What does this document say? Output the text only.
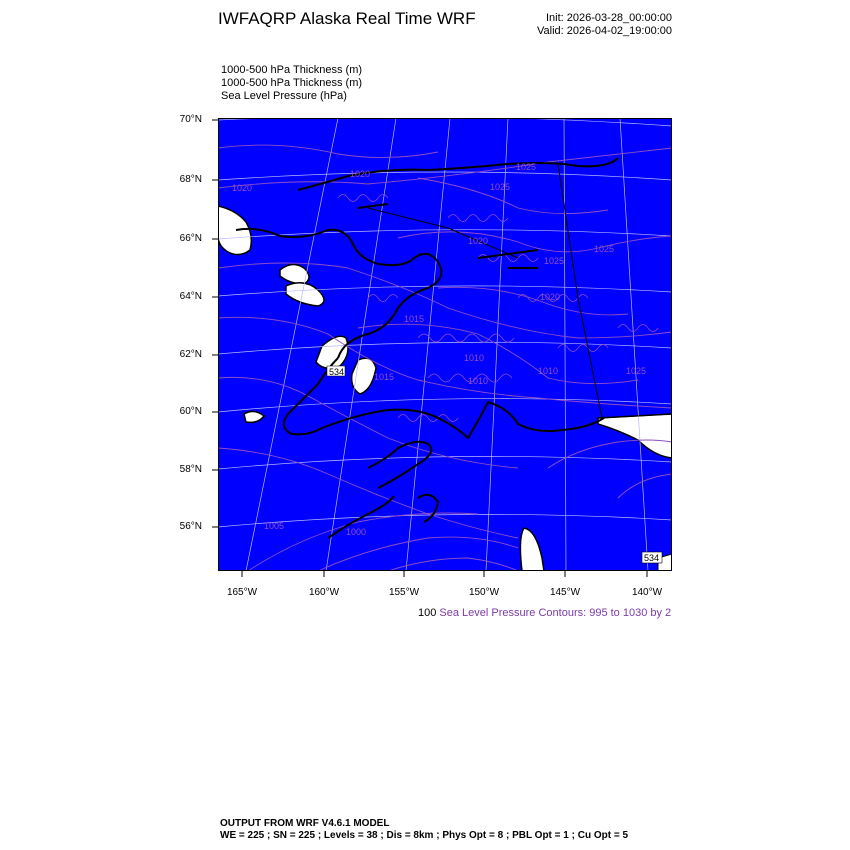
IWFAQRP Alaska Real Time WRF	Init: 2026-03-28_00:00:00
Valid: 2026-04-02_19:00:00
1000-500 hPa Thickness (m)
1000-500 hPa Thickness (m)
Sea Level Pressure (hPa)
70°N
68°N
66°N
64°N
62°N
60°N
58°N
56°N
165°W	160°W	155°W	150°W	145°W	140°W
1020
1020
1025
1025
1020
1025
1025
1020
1015
1010
1010
1015
1010	1025
1005
1000
534
534
100 Sea Level Pressure Contours: 995 to 1030 by 2
OUTPUT FROM WRF V4.6.1 MODEL
WE = 225 ; SN = 225 ; Levels = 38 ; Dis = 8km ; Phys Opt = 8 ; PBL Opt = 1 ; Cu Opt = 5
